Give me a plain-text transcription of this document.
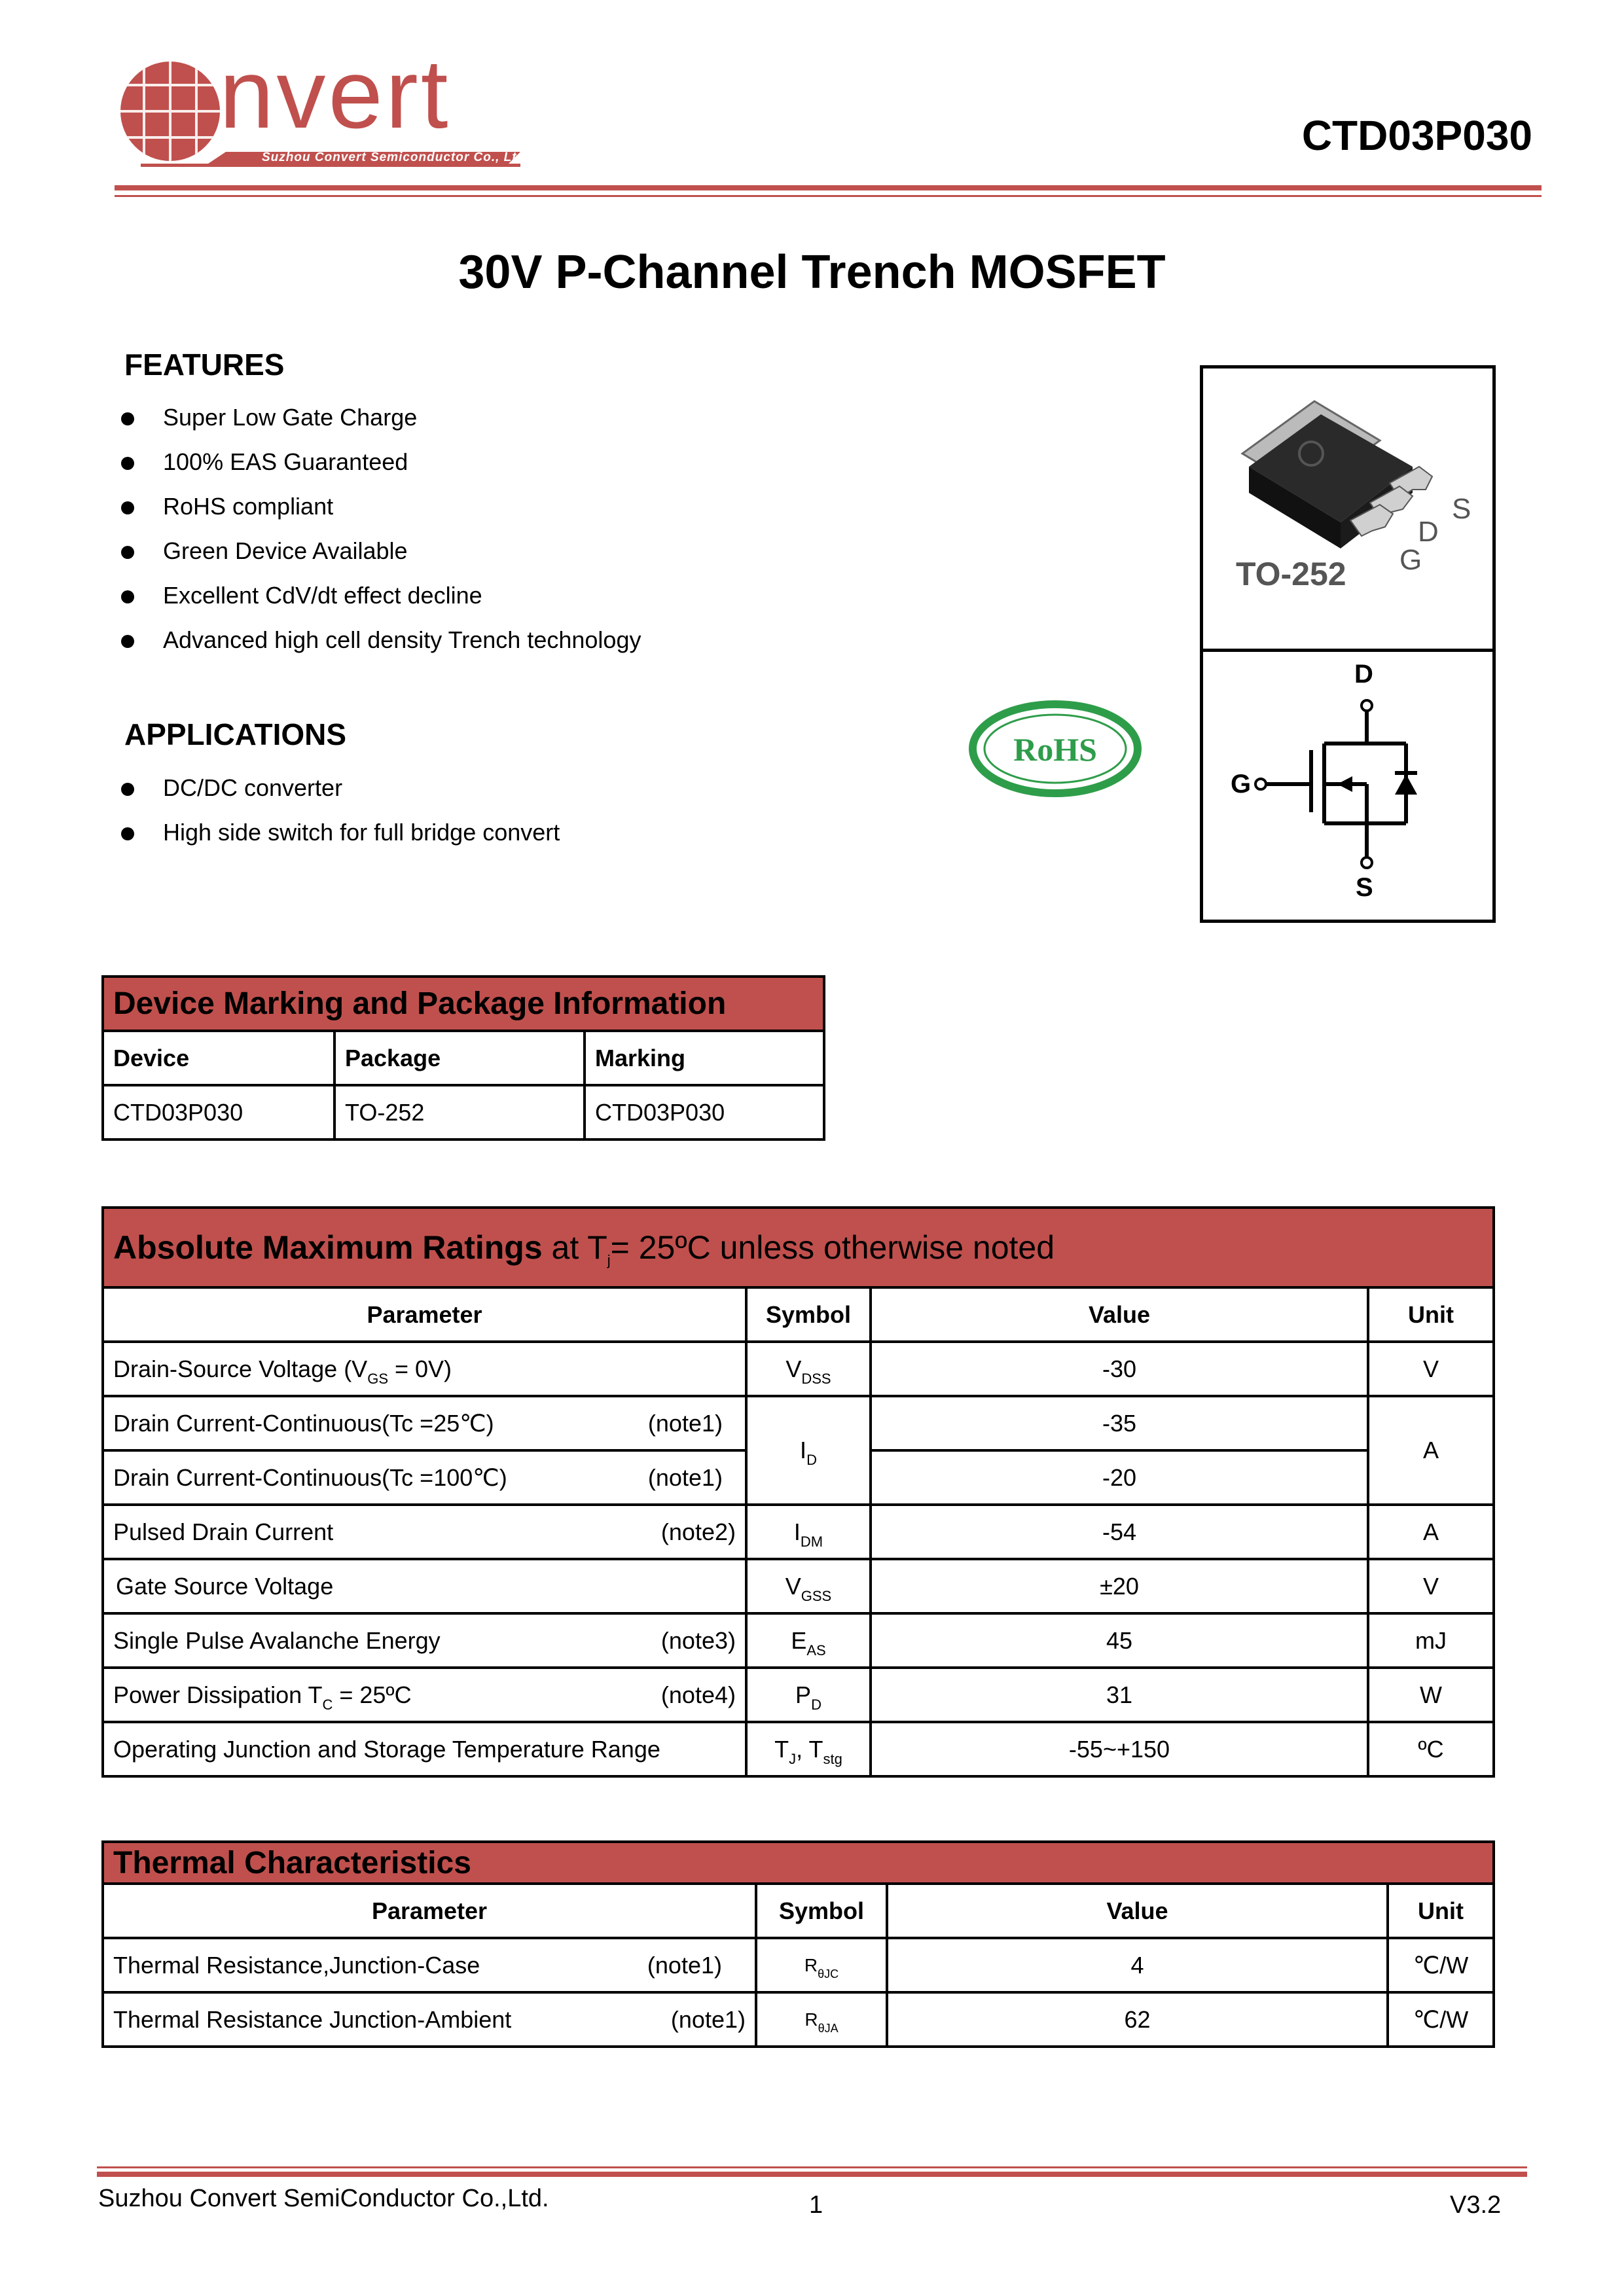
nvert
Suzhou Convert Semiconductor Co., Ltd.	CTD03P030
30V P-Channel Trench MOSFET
FEATURES
Super Low Gate Charge
100% EAS Guaranteed
RoHS compliant
Green Device Available
Excellent CdV/dt effect decline
Advanced high cell density Trench technology
APPLICATIONS
DC/DC converter
High side switch for full bridge convert
RoHS
S
D
G
TO-252
D
G
S
Device Marking and Package Information		
Device	Package	Marking
CTD03P030	TO-252	CTD03P030
Absolute Maximum Ratings at $T_j=$ 25ºC unless otherwise noted			
Parameter	Symbol	Value	Unit
Drain-Source Voltage $(V_{GS} = 0V)$	$V_{DSS}$	-30	V
Drain Current-Continuous(Tc =25℃) (note1)	$I_D$	-35	A
Drain Current-Continuous(Tc =100℃) (note1)		-20	
Pulsed Drain Current (note2)	$I_{DM}$	-54	A
Gate Source Voltage	$V_{GSS}$	±20	V
Single Pulse Avalanche Energy (note3)	$E_{AS}$	45	mJ
Power Dissipation $T_C$ = 25ºC (note4)	$P_D$	31	W
Operating Junction and Storage Temperature Range	$T_J$, $T_{stg}$	-55~+150	ºC
Thermal Characteristics			
Parameter	Symbol	Value	Unit
Thermal Resistance,Junction-Case (note1)	$R_{\theta JC}$	4	℃/W
Thermal Resistance Junction-Ambient (note1)	$R_{\theta JA}$	62	℃/W
Suzhou Convert SemiConductor Co.,Ltd.	1	V3.2
